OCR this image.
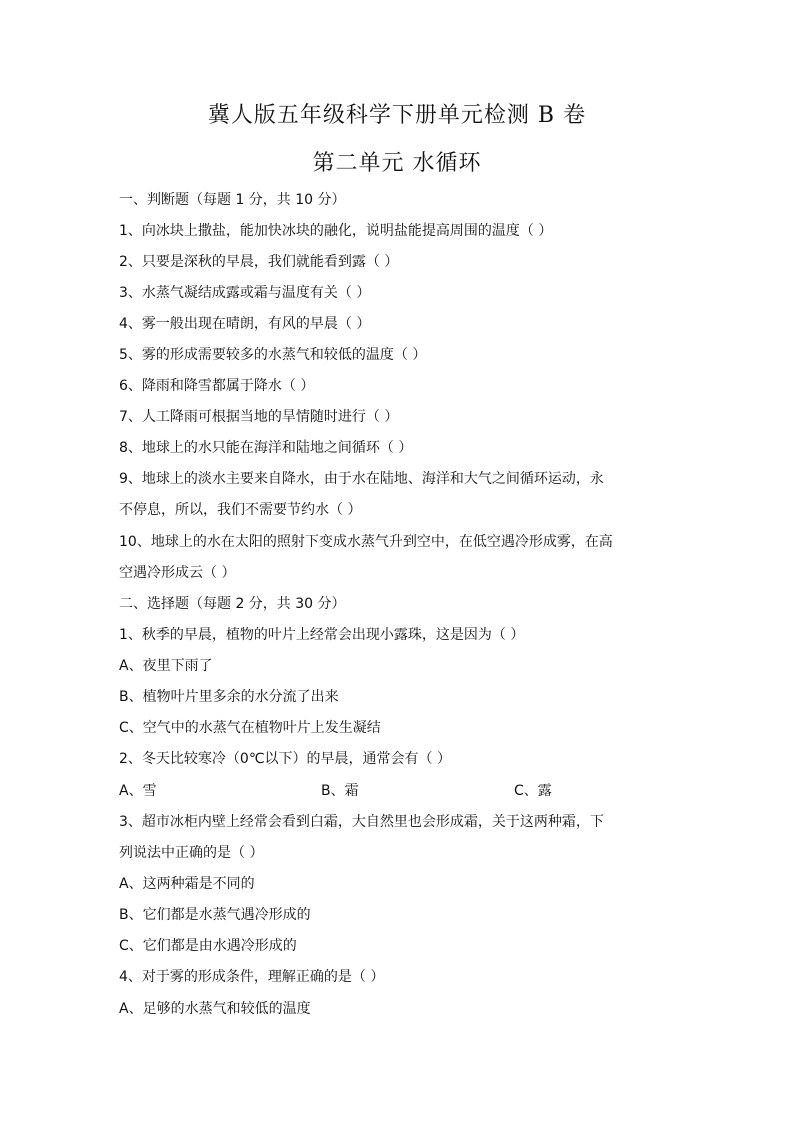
冀人版五年级科学下册单元检测 B 卷
第二单元 水循环
一、判断题（每题 1 分，共 10 分）
1、向冰块上撒盐，能加快冰块的融化，说明盐能提高周围的温度（ ）
2、只要是深秋的早晨，我们就能看到露（ ）
3、水蒸气凝结成露或霜与温度有关（ ）
4、雾一般出现在晴朗，有风的早晨（ ）
5、雾的形成需要较多的水蒸气和较低的温度（ ）
6、降雨和降雪都属于降水（ ）
7、人工降雨可根据当地的旱情随时进行（ ）
8、地球上的水只能在海洋和陆地之间循环（ ）
9、地球上的淡水主要来自降水，由于水在陆地、海洋和大气之间循环运动，永
不停息，所以，我们不需要节约水（ ）
10、地球上的水在太阳的照射下变成水蒸气升到空中，在低空遇冷形成雾，在高
空遇冷形成云（ ）
二、选择题（每题 2 分，共 30 分）
1、秋季的早晨，植物的叶片上经常会出现小露珠，这是因为（ ）
A、夜里下雨了
B、植物叶片里多余的水分流了出来
C、空气中的水蒸气在植物叶片上发生凝结
2、冬天比较寒冷（0℃以下）的早晨，通常会有（ ）
A、雪	B、霜	C、露
3、超市冰柜内壁上经常会看到白霜，大自然里也会形成霜，关于这两种霜，下
列说法中正确的是（ ）
A、这两种霜是不同的
B、它们都是水蒸气遇冷形成的
C、它们都是由水遇冷形成的
4、对于雾的形成条件，理解正确的是（ ）
A、足够的水蒸气和较低的温度
